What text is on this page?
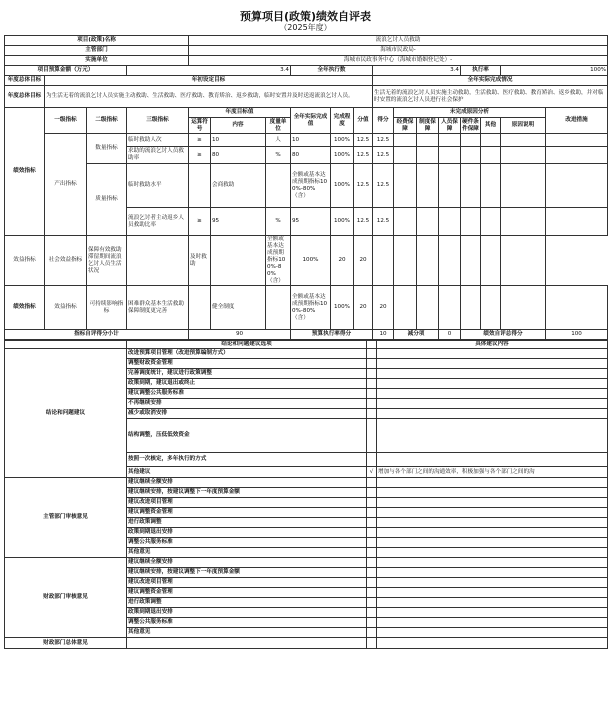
预算项目(政策)绩效自评表
（2025年度）
项目(政策)名称				流浪乞讨人员救助													
主管部门				海城市民政局-													
实施单位				海城市民政事务中心（海城市婚姻登记处）-													
项目预算金额（万元）			3.4				全年执行数			3.4				执行率		100%	
年度总体目标	年初设定目标									全年实际完成情况							
年度总体目标	为生活无着的流浪乞讨人员实施主动救助、生活救助、医疗救助、教育矫治、返乡救助，临时安置并及时送返流浪乞讨人员。									生活无着的流浪乞讨人员实施主动救助，生活救助、医疗救助、教育矫治、返乡救助，并对临时安置的流浪乞讨人员进行社会保护							
绩效指标	一级指标	二级指标	三级指标	年度目标值			全年实际完成值	完成程度	分值	得分	未完成原因分析						改进措施
				运算符号	内容	度量单位					经费保障	制度保障	人员保障	硬件条件保障	其他	原因说明	

	产出指标	数量指标	临时救助人次	≥	10	人	10	100%	12.5	12.5							
			求助的流浪乞讨人员救助率	≥	80	%	80	100%	12.5	12.5							
		质量指标	临时救助水平		会商救助		全额或基本达成预期指标100%-80%（含）	100%	12.5	12.5							
			流浪乞讨者主动返乡人员救助比率	≥	95	%	95	100%	12.5	12.5							
效益指标	社会效益指标	保障有效救助滞留期间流浪乞讨人员生活状况		及时救助		全额或基本达成预期指标100%-80%（含）	100%	20	20								
绩效指标	效益指标	可持续影响指标	困难群众基本生活救助保障制度更完善		健全制度		全额或基本达成预期指标100%-80%（含）	100%	20	20							
指标自评得分小计				90			预算执行率得分			10	减分项		0	绩效自评总得分			100
	结论和问题建议选项		具体建议内容
结论和问题建议	改进预算项目管理（改进预算编制方式）		
	调整财政资金管理		
	完善调度统计，建议进行政策调整		
	政策到期，建议退出或终止		
	建议调整公共服务标准		
	不再继续安排		
	减少或取消安排		
	结构调整，压低低效资金		
	按照一次核定，多年执行的方式		
	其他建议	√	增加与各个部门之间的沟通效率，积极加强与各个部门之间的沟
主管部门审核意见	建议继续全额安排		
	建议继续安排，按建议调整下一年度预算金额		
	建议改进项目管理		
	建议调整资金管理		
	进行政策调整		
	政策到期退出安排		
	调整公共服务标准		
	其他意见		
财政部门审核意见	建议继续全额安排		
	建议继续安排，按建议调整下一年度预算金额		
	建议改进项目管理		
	建议调整资金管理		
	进行政策调整		
	政策到期退出安排		
	调整公共服务标准		
	其他意见		
财政部门总体意见			
